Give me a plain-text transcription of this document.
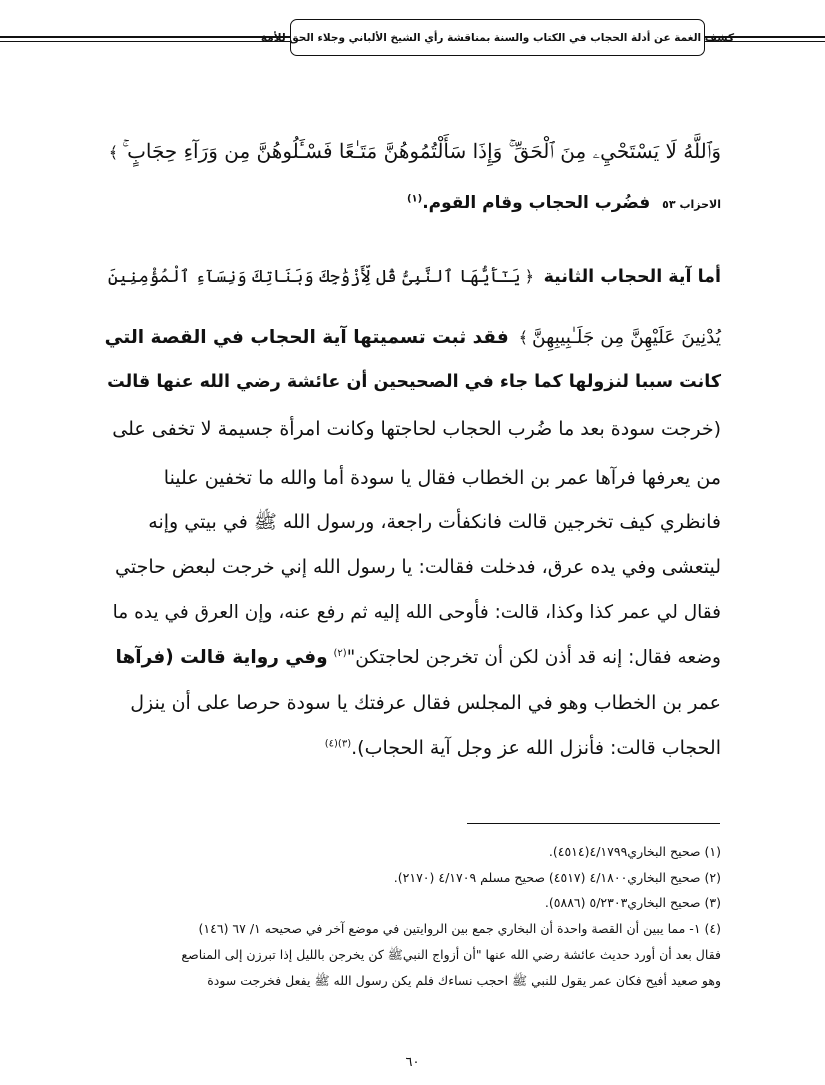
كشف الغمة عن أدلة الحجاب في الكتاب والسنة بمناقشة رأي الشيخ الألباني وجلاء الحق للأمة
وَٱللَّهُ لَا يَسْتَحْيِۦ مِنَ ٱلْحَقِّ ۚ وَإِذَا سَأَلْتُمُوهُنَّ مَتَـٰعًا فَسْـَٔلُوهُنَّ مِن وَرَآءِ حِجَابٍ ۚ﴾
الاحزاب ٥٣ فضُرب الحجاب وقام القوم.$^{(١)}$
أما آية الحجاب الثانية ﴿يَـٰٓأَيُّهَا ٱلنَّبِىُّ قُل لِّأَزْوَٰجِكَ وَبَنَاتِكَ وَنِسَآءِ ٱلْمُؤْمِنِينَ
يُدْنِينَ عَلَيْهِنَّ مِن جَلَـٰبِيبِهِنَّ﴾ فقد ثبت تسميتها آية الحجاب في القصة التي
كانت سببا لنزولها كما جاء في الصحيحين أن عائشة رضي الله عنها قالت
(خرجت سودة بعد ما ضُرب الحجاب لحاجتها وكانت امرأة جسيمة لا تخفى على
من يعرفها فرآها عمر بن الخطاب فقال يا سودة أما والله ما تخفين علينا
فانظري كيف تخرجين قالت فانكفأت راجعة، ورسول الله ﷺ في بيتي وإنه
ليتعشى وفي يده عرق، فدخلت فقالت: يا رسول الله إني خرجت لبعض حاجتي
فقال لي عمر كذا وكذا، قالت: فأوحى الله إليه ثم رفع عنه، وإن العرق في يده ما
وضعه فقال: إنه قد أذن لكن أن تخرجن لحاجتكن"$^{(٢)}$ وفي رواية قالت (فرآها
عمر بن الخطاب وهو في المجلس فقال عرفتك يا سودة حرصا على أن ينزل
الحجاب قالت: فأنزل الله عز وجل آية الحجاب).$^{(٣)(٤)}$
(١) صحيح البخاري٤/١٧٩٩(٤٥١٤).
(٢) صحيح البخاري٤/١٨٠٠ (٤٥١٧) صحيح مسلم ٤/١٧٠٩ (٢١٧٠).
(٣) صحيح البخاري٥/٢٣٠٣ (٥٨٨٦).
(٤) ١- مما يبين أن القصة واحدة أن البخاري جمع بين الروايتين في موضع آخر في صحيحه ١/ ٦٧ (١٤٦)
فقال بعد أن أورد حديث عائشة رضي الله عنها "أن أزواج النبيﷺ كن يخرجن بالليل إذا تبرزن إلى المناصع
وهو صعيد أفيح فكان عمر يقول للنبي ﷺ احجب نساءك فلم يكن رسول الله ﷺ يفعل فخرجت سودة
٦٠
